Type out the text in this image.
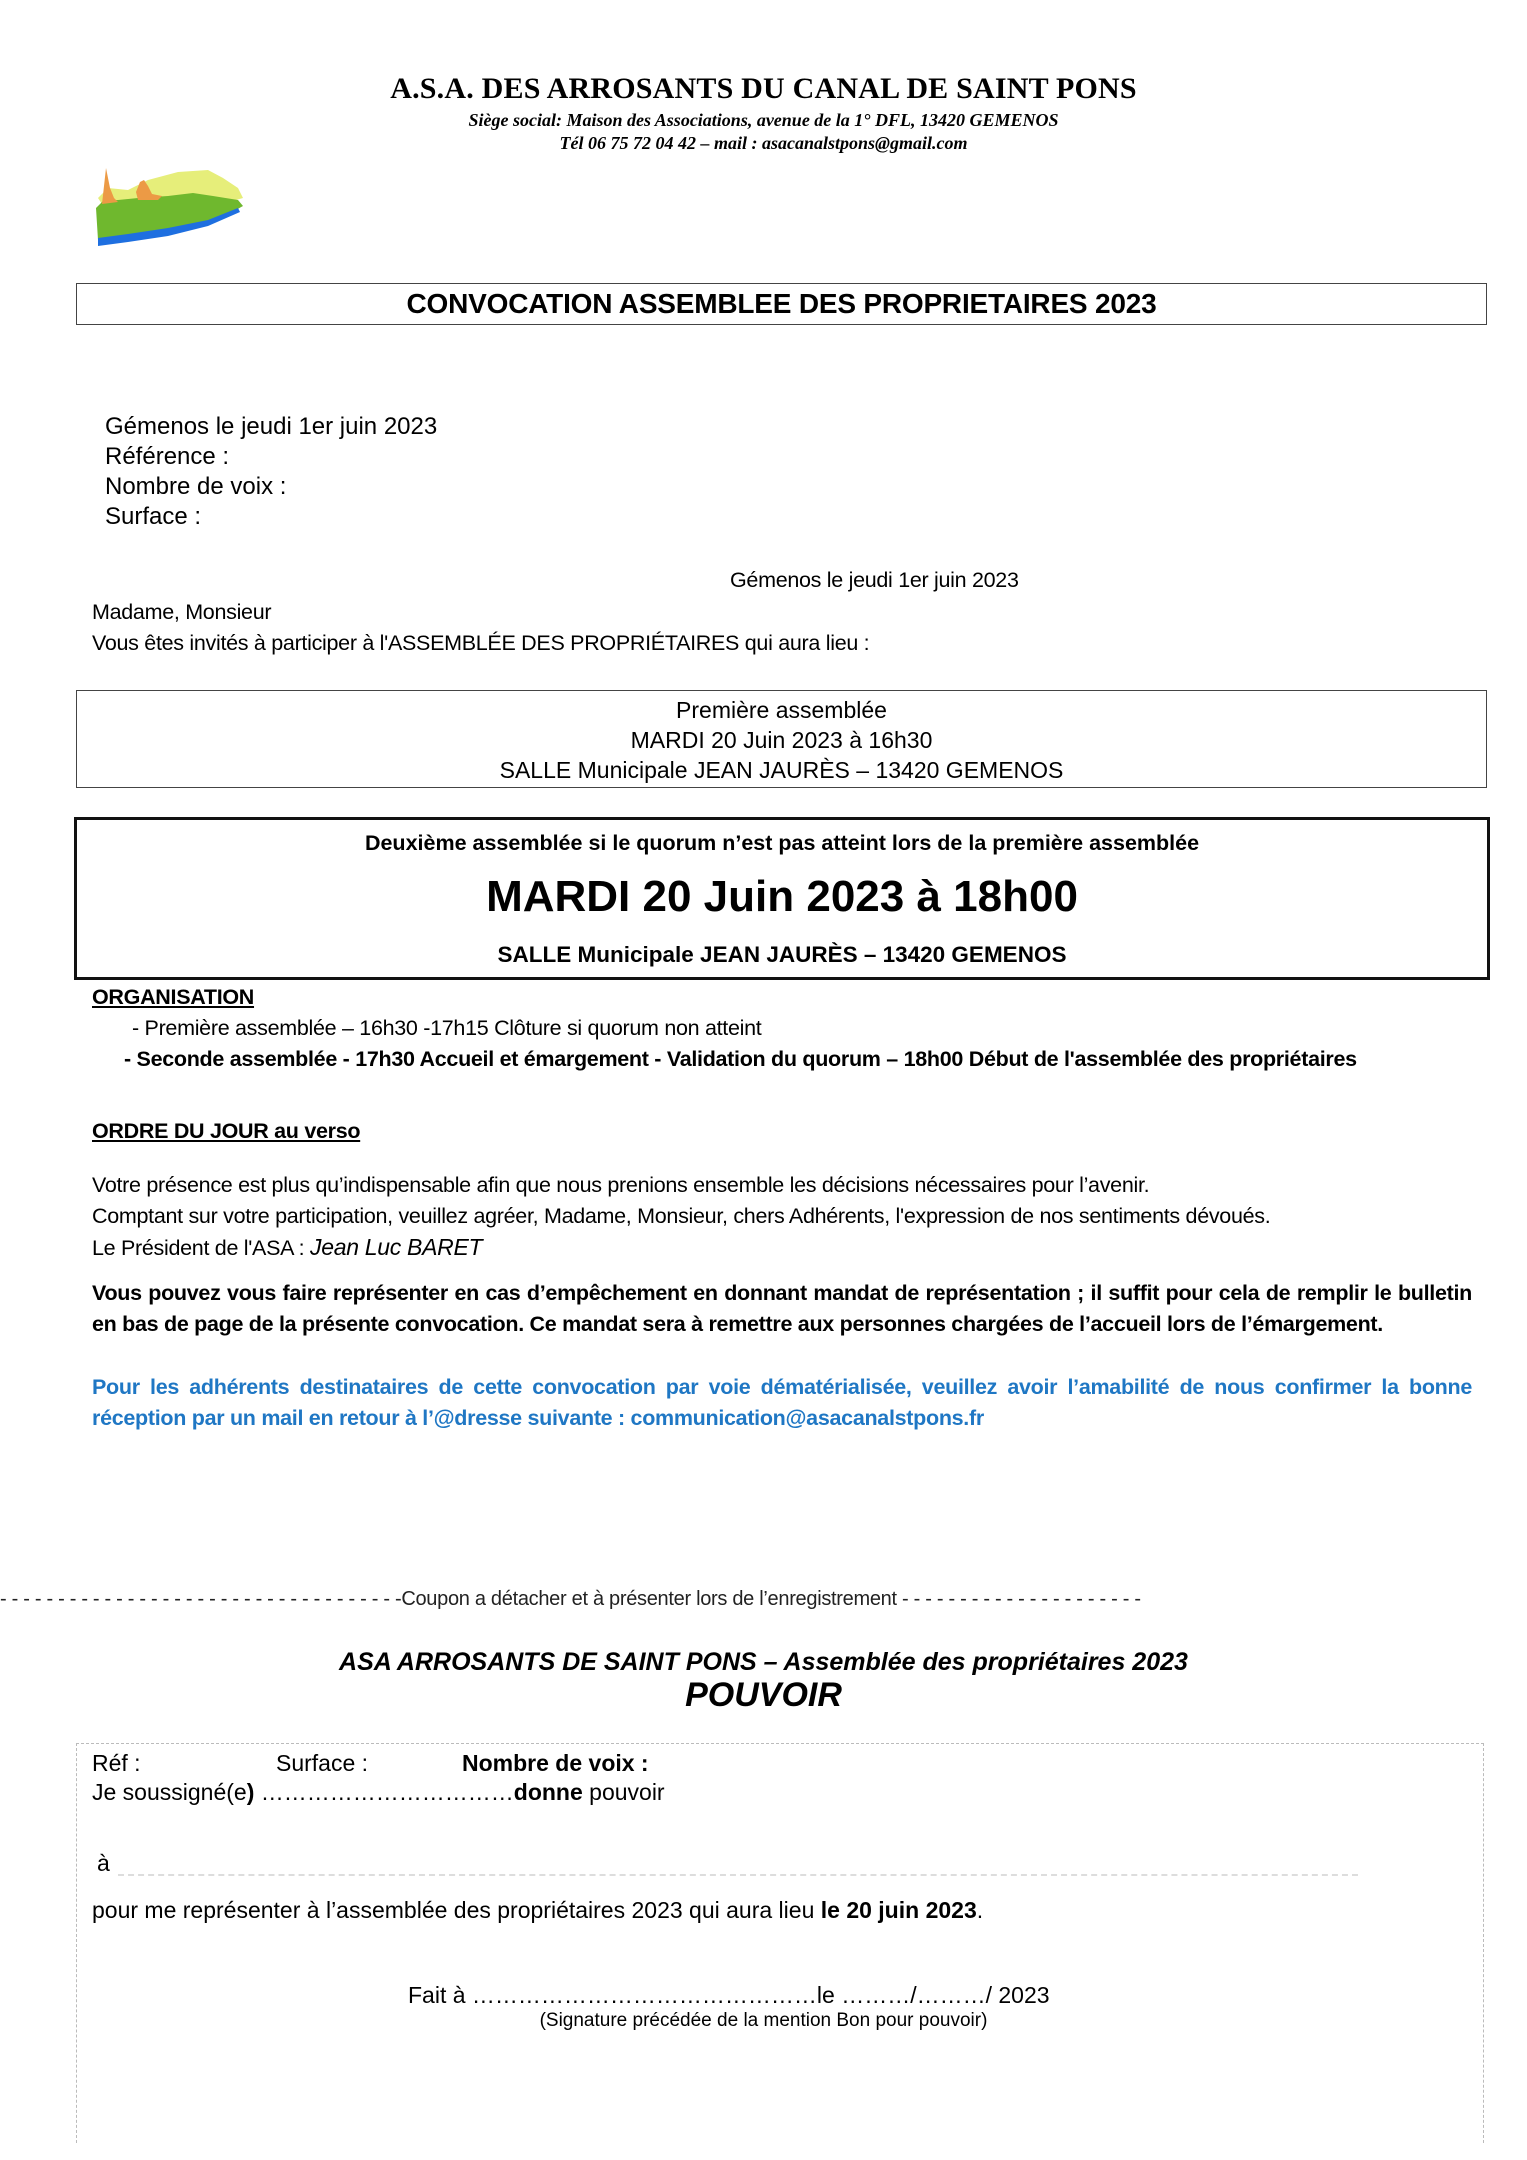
A.S.A. DES ARROSANTS DU CANAL DE SAINT PONS
Siège social: Maison des Associations, avenue de la 1° DFL, 13420 GEMENOS
Tél 06 75 72 04 42 – mail : asacanalstpons@gmail.com
CONVOCATION ASSEMBLEE DES PROPRIETAIRES 2023
Gémenos le jeudi 1er juin 2023
Référence :
Nombre de voix :
Surface :
Gémenos le jeudi 1er juin 2023
Madame, Monsieur
Vous êtes invités à participer à l'ASSEMBLÉE DES PROPRIÉTAIRES qui aura lieu :
Première assemblée
MARDI 20 Juin 2023 à 16h30
SALLE Municipale JEAN JAURÈS – 13420 GEMENOS
Deuxième assemblée si le quorum n’est pas atteint lors de la première assemblée
MARDI 20 Juin 2023 à 18h00
SALLE Municipale JEAN JAURÈS – 13420 GEMENOS
ORGANISATION
- Première assemblée – 16h30 -17h15 Clôture si quorum non atteint
- Seconde assemblée - 17h30 Accueil et émargement - Validation du quorum – 18h00 Début de l'assemblée des propriétaires
ORDRE DU JOUR au verso
Votre présence est plus qu’indispensable afin que nous prenions ensemble les décisions nécessaires pour l’avenir.
Comptant sur votre participation, veuillez agréer, Madame, Monsieur, chers Adhérents, l'expression de nos sentiments dévoués.
Le Président de l'ASA : Jean Luc BARET
Vous pouvez vous faire représenter en cas d’empêchement en donnant mandat de représentation ; il suffit pour cela de remplir le bulletin en bas de page de la présente convocation. Ce mandat sera à remettre aux personnes chargées de l’accueil lors de l’émargement.
Pour les adhérents destinataires de cette convocation par voie dématérialisée, veuillez avoir l’amabilité de nous confirmer la bonne réception par un mail en retour à l’@dresse suivante : communication@asacanalstpons.fr
- - - - - - - - - - - - - - - - - - - - - - - - - - - - - - - - - - -Coupon a détacher et à présenter lors de l’enregistrement - - - - - - - - - - - - - - - - - - - - -
ASA ARROSANTS DE SAINT PONS – Assemblée des propriétaires 2023
POUVOIR
Réf :	Surface :	Nombre de voix :
Je soussigné(e) ……………………………donne pouvoir
à
pour me représenter à l’assemblée des propriétaires 2023 qui aura lieu le 20 juin 2023.
Fait à ………………………………………le ………/………/ 2023
(Signature précédée de la mention Bon pour pouvoir)
